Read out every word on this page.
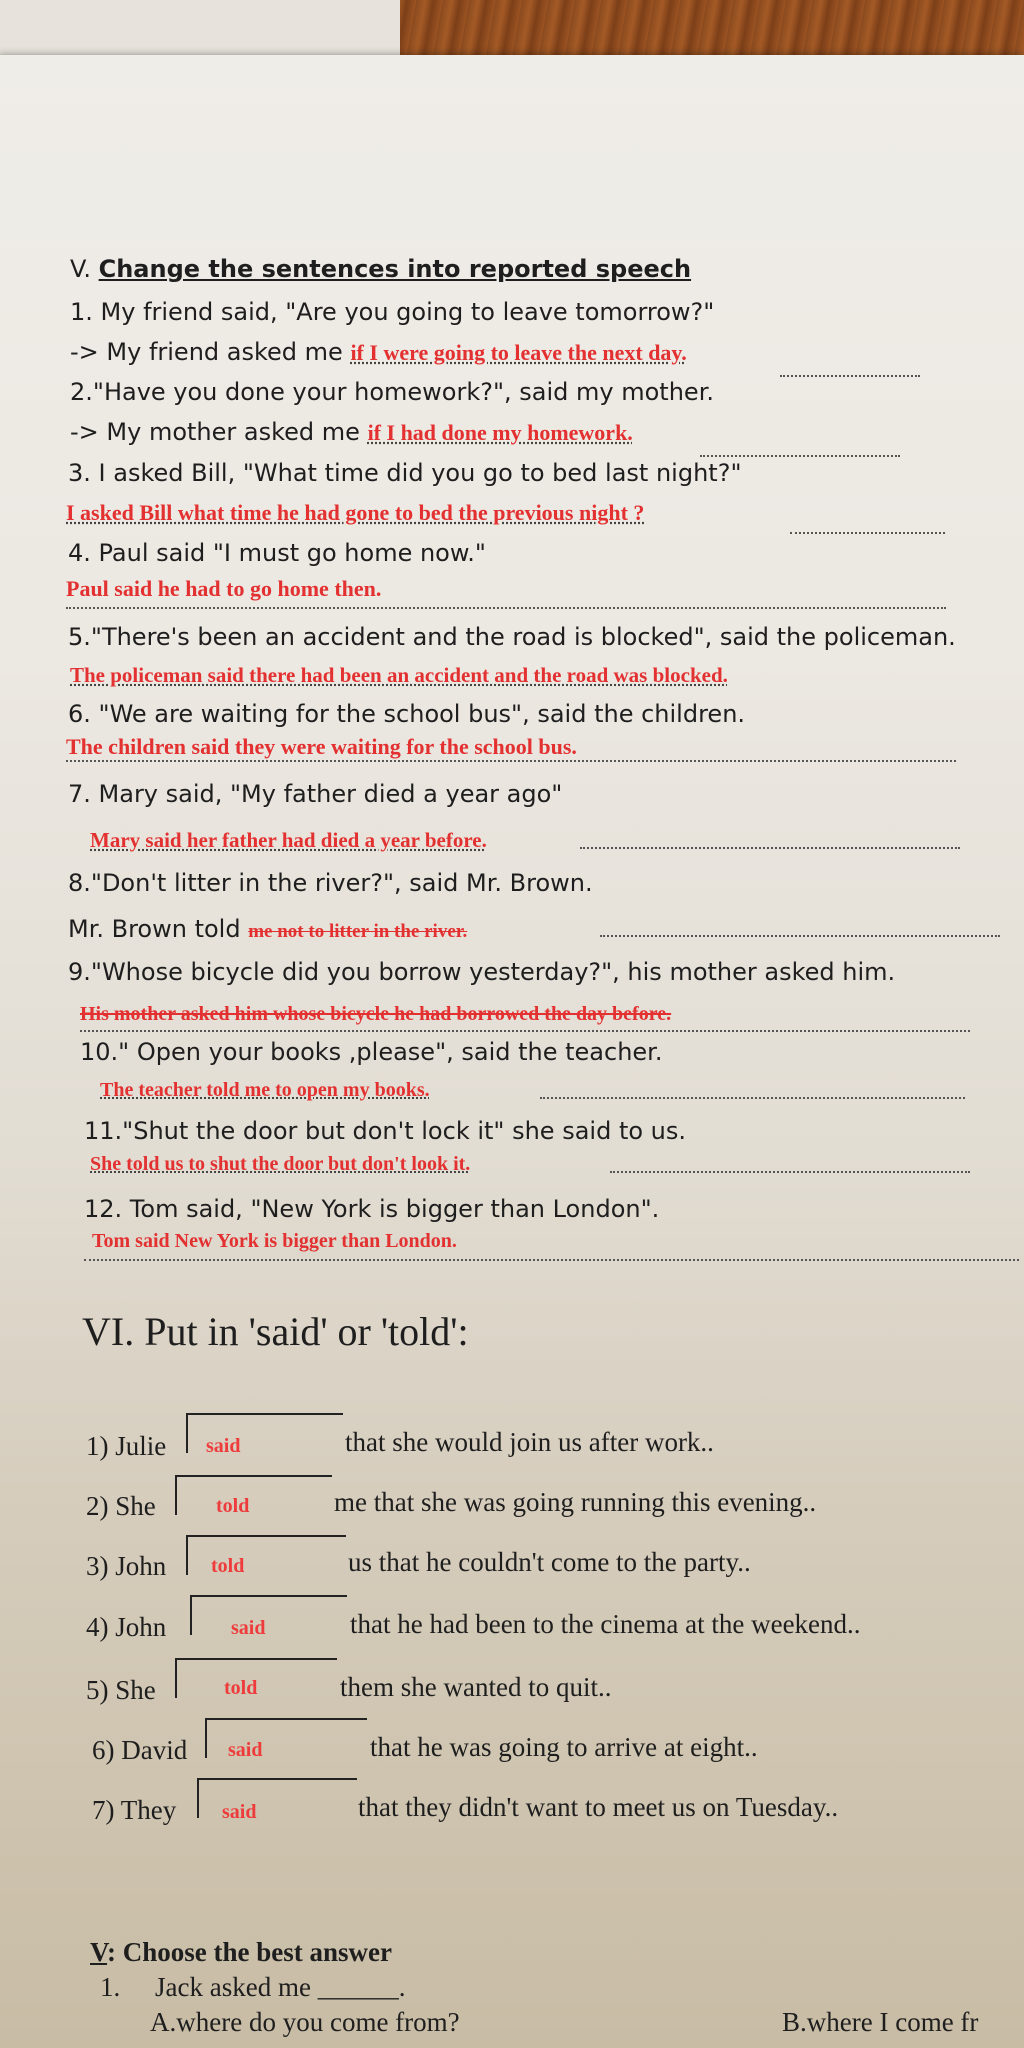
V. Change the sentences into reported speech
1. My friend said, "Are you going to leave tomorrow?"
-> My friend asked me if I were going to leave the next day.
2."Have you done your homework?", said my mother.
-> My mother asked me if I had done my homework.
3. I asked Bill, "What time did you go to bed last night?"
I asked Bill what time he had gone to bed the previous night ?
4. Paul said "I must go home now."
Paul said he had to go home then.
5."There's been an accident and the road is blocked", said the policeman.
The policeman said there had been an accident and the road was blocked.
6. "We are waiting for the school bus", said the children.
The children said they were waiting for the school bus.
7. Mary said, "My father died a year ago"
Mary said her father had died a year before.
8."Don't litter in the river?", said Mr. Brown.
Mr. Brown told me not to litter in the river.
9."Whose bicycle did you borrow yesterday?", his mother asked him.
His mother asked him whose bicycle he had borrowed the day before.
10." Open your books ,please", said the teacher.
The teacher told me to open my books.
11."Shut the door but don't lock it" she said to us.
She told us to shut the door but don't look it.
12. Tom said, "New York is bigger than London".
Tom said New York is bigger than London.
VI. Put in 'said' or 'told':
1) Julie said	that she would join us after work..
2) She	told	me that she was going running this evening..
3) John told	us that he couldn't come to the party..
4) John	said	that he had been to the cinema at the weekend..
5) She	told	them she wanted to quit..
6) David said	that he was going to arrive at eight..
7) They said	that they didn't want to meet us on Tuesday..
V: Choose the best answer
1. Jack asked me ______.
A.where do you come from?	B.where I come fr
